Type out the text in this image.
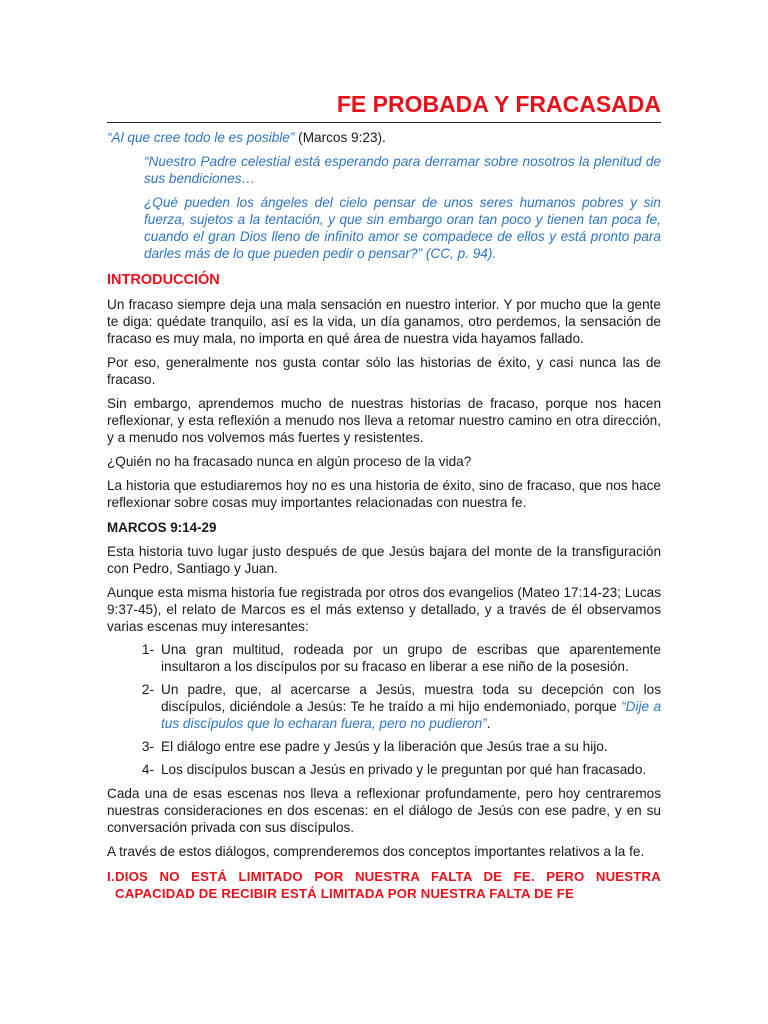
FE PROBADA Y FRACASADA
“Al que cree todo le es posible” (Marcos 9:23).
“Nuestro Padre celestial está esperando para derramar sobre nosotros la plenitud de sus bendiciones…
¿Qué pueden los ángeles del cielo pensar de unos seres humanos pobres y sin fuerza, sujetos a la tentación, y que sin embargo oran tan poco y tienen tan poca fe, cuando el gran Dios lleno de infinito amor se compadece de ellos y está pronto para darles más de lo que pueden pedir o pensar?” (CC, p. 94).
INTRODUCCIÓN

Un fracaso siempre deja una mala sensación en nuestro interior. Y por mucho que la gente te diga: quédate tranquilo, así es la vida, un día ganamos, otro perdemos, la sensación de fracaso es muy mala, no importa en qué área de nuestra vida hayamos fallado.

Por eso, generalmente nos gusta contar sólo las historias de éxito, y casi nunca las de fracaso.

Sin embargo, aprendemos mucho de nuestras historias de fracaso, porque nos hacen reflexionar, y esta reflexión a menudo nos lleva a retomar nuestro camino en otra dirección, y a menudo nos volvemos más fuertes y resistentes.

¿Quién no ha fracasado nunca en algún proceso de la vida?

La historia que estudiaremos hoy no es una historia de éxito, sino de fracaso, que nos hace reflexionar sobre cosas muy importantes relacionadas con nuestra fe.

MARCOS 9:14-29

Esta historia tuvo lugar justo después de que Jesús bajara del monte de la transfiguración con Pedro, Santiago y Juan.

Aunque esta misma historia fue registrada por otros dos evangelios (Mateo 17:14-23; Lucas 9:37-45), el relato de Marcos es el más extenso y detallado, y a través de él observamos varias escenas muy interesantes:

1- Una gran multitud, rodeada por un grupo de escribas que aparentemente insultaron a los discípulos por su fracaso en liberar a ese niño de la posesión.
2- Un padre, que, al acercarse a Jesús, muestra toda su decepción con los discípulos, diciéndole a Jesús: Te he traído a mi hijo endemoniado, porque “Dije a tus discípulos que lo echaran fuera, pero no pudieron”.
3- El diálogo entre ese padre y Jesús y la liberación que Jesús trae a su hijo.
4- Los discípulos buscan a Jesús en privado y le preguntan por qué han fracasado.

Cada una de esas escenas nos lleva a reflexionar profundamente, pero hoy centraremos nuestras consideraciones en dos escenas: en el diálogo de Jesús con ese padre, y en su conversación privada con sus discípulos.

A través de estos diálogos, comprenderemos dos conceptos importantes relativos a la fe.

I. DIOS NO ESTÁ LIMITADO POR NUESTRA FALTA DE FE. PERO NUESTRA CAPACIDAD DE RECIBIR ESTÁ LIMITADA POR NUESTRA FALTA DE FE
